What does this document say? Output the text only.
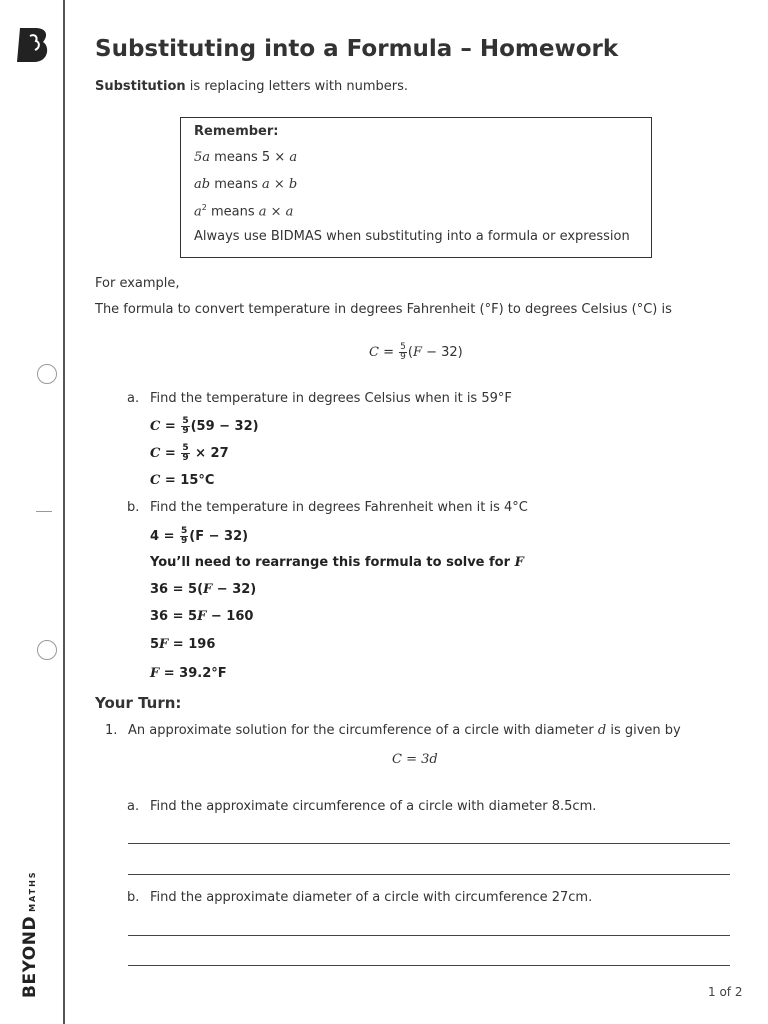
BEYONDMATHS
Substituting into a Formula – Homework
Substitution is replacing letters with numbers.
Remember:
5a means 5 × a
ab means a × b
$a^2$ means a × a
Always use BIDMAS when substituting into a formula or expression
For example,
The formula to convert temperature in degrees Fahrenheit (°F) to degrees Celsius (°C) is
$C = \frac{5}{9} (F - 32)$
a. Find the temperature in degrees Celsius when it is 59°F
$C = \frac{5}{9} (59 - 32)$
$C = \frac{5}{9} \times 27$
C = 15°C
b. Find the temperature in degrees Fahrenheit when it is 4°C
$4 = \frac{5}{9} (F - 32)$
You’ll need to rearrange this formula to solve for F
36 = 5(F − 32)
36 = 5F − 160
5F = 196
F = 39.2°F
Your Turn:
1. An approximate solution for the circumference of a circle with diameter d is given by
C = 3d
a. Find the approximate circumference of a circle with diameter 8.5cm.
b. Find the approximate diameter of a circle with circumference 27cm.
1 of 2
